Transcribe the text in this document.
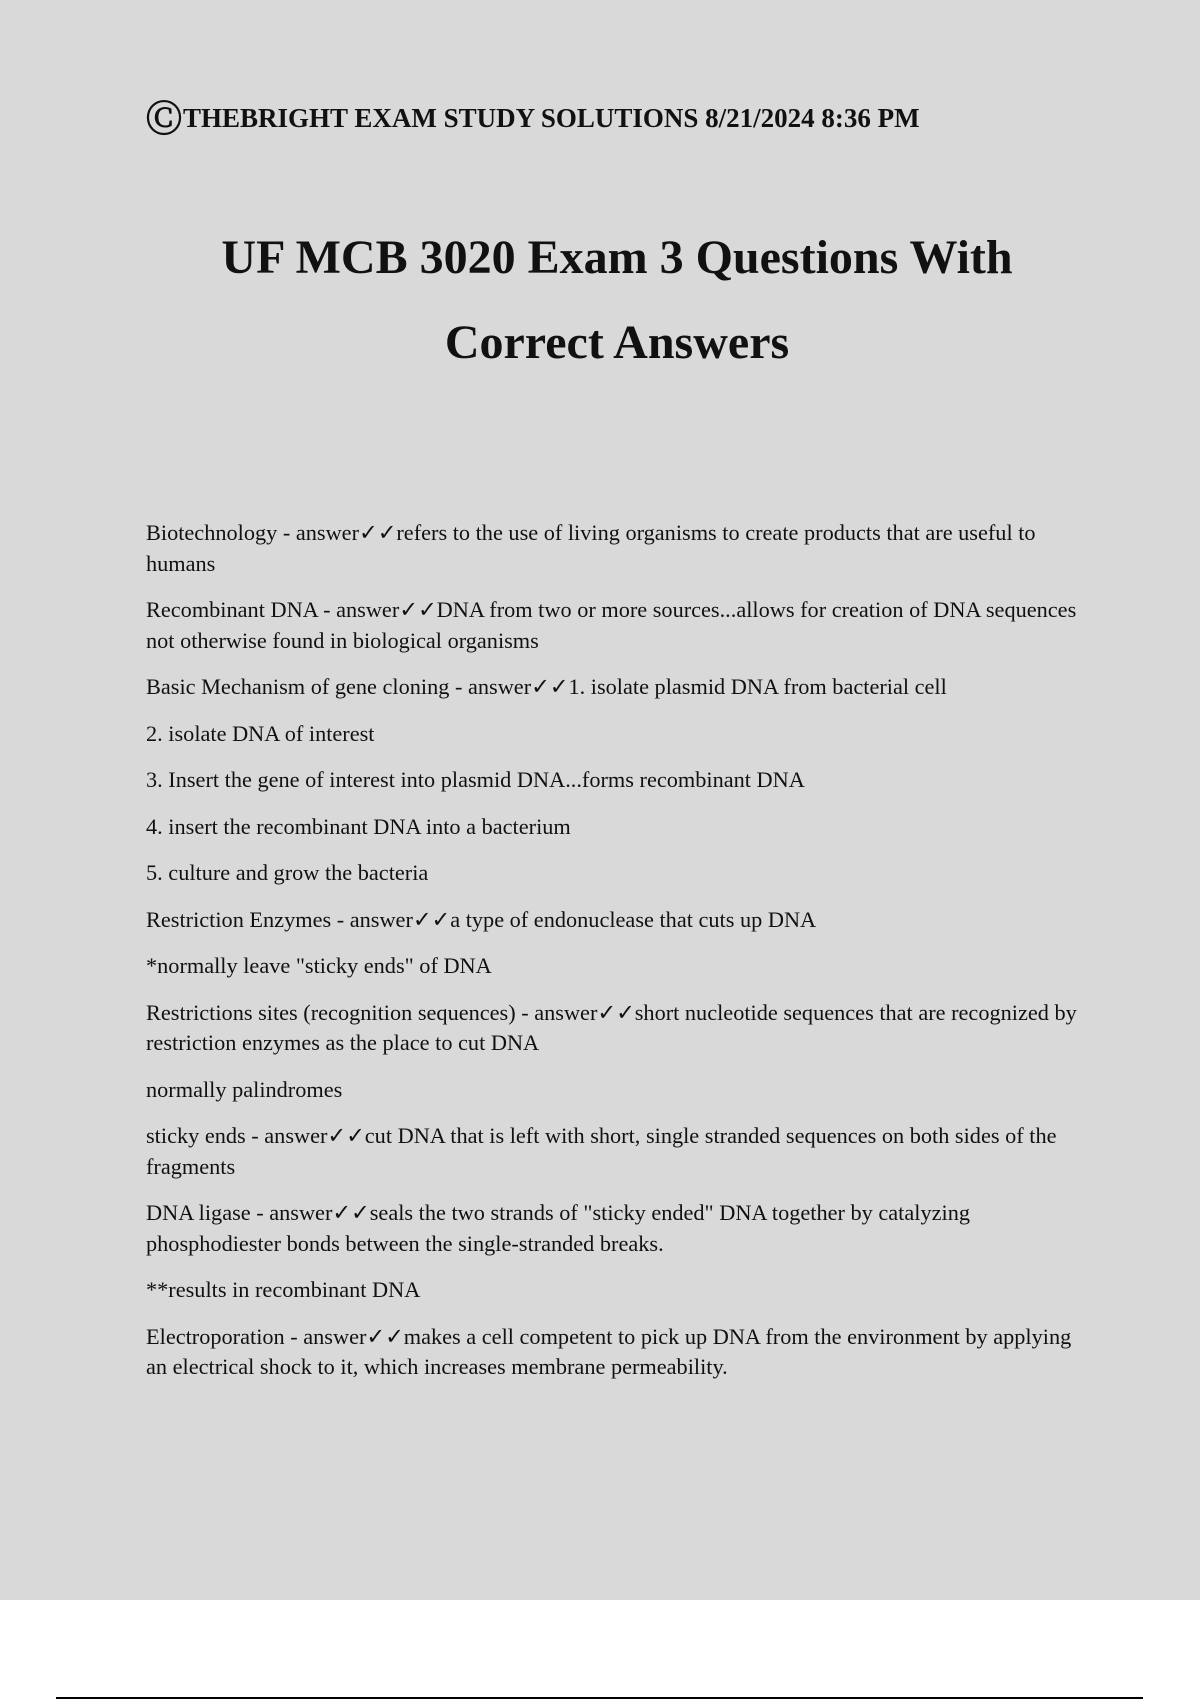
Ⓒ THEBRIGHT EXAM STUDY SOLUTIONS 8/21/2024 8:36 PM
UF MCB 3020 Exam 3 Questions With
Correct Answers

Biotechnology - answer✓✓refers to the use of living organisms to create products that are useful to humans

Recombinant DNA - answer✓✓DNA from two or more sources...allows for creation of DNA sequences not otherwise found in biological organisms

Basic Mechanism of gene cloning - answer✓✓1. isolate plasmid DNA from bacterial cell

2. isolate DNA of interest

3. Insert the gene of interest into plasmid DNA...forms recombinant DNA

4. insert the recombinant DNA into a bacterium

5. culture and grow the bacteria

Restriction Enzymes - answer✓✓a type of endonuclease that cuts up DNA

*normally leave "sticky ends" of DNA

Restrictions sites (recognition sequences) - answer✓✓short nucleotide sequences that are recognized by restriction enzymes as the place to cut DNA

normally palindromes

sticky ends - answer✓✓cut DNA that is left with short, single stranded sequences on both sides of the fragments

DNA ligase - answer✓✓seals the two strands of "sticky ended" DNA together by catalyzing phosphodiester bonds between the single-stranded breaks.

**results in recombinant DNA

Electroporation - answer✓✓makes a cell competent to pick up DNA from the environment by applying an electrical shock to it, which increases membrane permeability.
